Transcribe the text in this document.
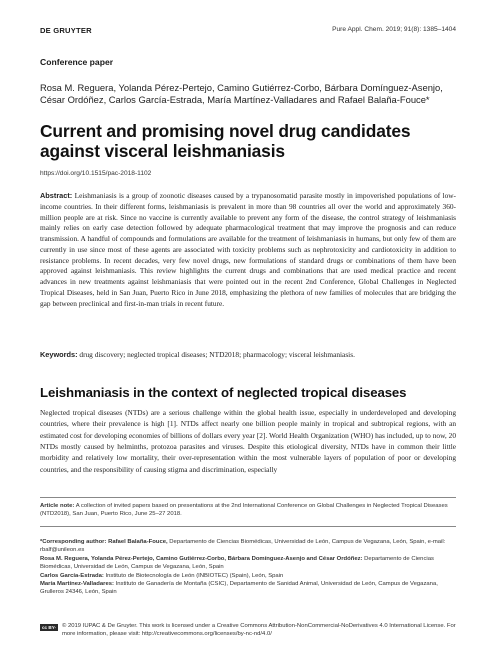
DE GRUYTER	Pure Appl. Chem. 2019; 91(8): 1385–1404
Conference paper
Rosa M. Reguera, Yolanda Pérez-Pertejo, Camino Gutiérrez-Corbo, Bárbara Domínguez-Asenjo, César Ordóñez, Carlos García-Estrada, María Martínez-Valladares and Rafael Balaña-Fouce*
Current and promising novel drug candidates against visceral leishmaniasis
https://doi.org/10.1515/pac-2018-1102
Abstract: Leishmaniasis is a group of zoonotic diseases caused by a trypanosomatid parasite mostly in impoverished populations of low-income countries. In their different forms, leishmaniasis is prevalent in more than 98 countries all over the world and approximately 360-million people are at risk. Since no vaccine is currently available to prevent any form of the disease, the control strategy of leishmaniasis mainly relies on early case detection followed by adequate pharmacological treatment that may improve the prognosis and can reduce transmission. A handful of compounds and formulations are available for the treatment of leishmaniasis in humans, but only few of them are currently in use since most of these agents are associated with toxicity problems such as nephrotoxicity and cardiotoxicity in addition to resistance problems. In recent decades, very few novel drugs, new formulations of standard drugs or combinations of them have been approved against leishmaniasis. This review highlights the current drugs and combinations that are used medical practice and recent advances in new treatments against leishmaniasis that were pointed out in the recent 2nd Conference, Global Challenges in Neglected Tropical Diseases, held in San Juan, Puerto Rico in June 2018, emphasizing the plethora of new families of molecules that are bridging the gap between preclinical and first-in-man trials in recent future.
Keywords: drug discovery; neglected tropical diseases; NTD2018; pharmacology; visceral leishmaniasis.
Leishmaniasis in the context of neglected tropical diseases
Neglected tropical diseases (NTDs) are a serious challenge within the global health issue, especially in underdeveloped and developing countries, where their prevalence is high [1]. NTDs affect nearly one billion people mainly in tropical and subtropical regions, with an estimated cost for developing economies of billions of dollars every year [2]. World Health Organization (WHO) has included, up to now, 20 NTDs mostly caused by helminths, protozoa parasites and viruses. Despite this etiological diversity, NTDs have in common their little morbidity and relatively low mortality, their over-representation within the most vulnerable layers of population of poor or developing countries, and the responsibility of causing stigma and discrimination, especially
Article note: A collection of invited papers based on presentations at the 2nd International Conference on Global Challenges in Neglected Tropical Diseases (NTD2018), San Juan, Puerto Rico, June 25–27 2018.
*Corresponding author: Rafael Balaña-Fouce, Departamento de Ciencias Biomédicas, Universidad de León, Campus de Vegazana, León, Spain, e-mail: rbalf@unileon.es
Rosa M. Reguera, Yolanda Pérez-Pertejo, Camino Gutiérrez-Corbo, Bárbara Domínguez-Asenjo and César Ordóñez: Departamento de Ciencias Biomédicas, Universidad de León, Campus de Vegazana, León, Spain
Carlos García-Estrada: Instituto de Biotecnología de León (INBIOTEC) (Spain), León, Spain
María Martínez-Valladares: Instituto de Ganadería de Montaña (CSIC), Departamento de Sanidad Animal, Universidad de León, Campus de Vegazana, Grulleros 24346, León, Spain
cc BY-NC-ND
© 2019 IUPAC & De Gruyter. This work is licensed under a Creative Commons Attribution-NonCommercial-NoDerivatives 4.0 International License. For more information, please visit: http://creativecommons.org/licenses/by-nc-nd/4.0/
